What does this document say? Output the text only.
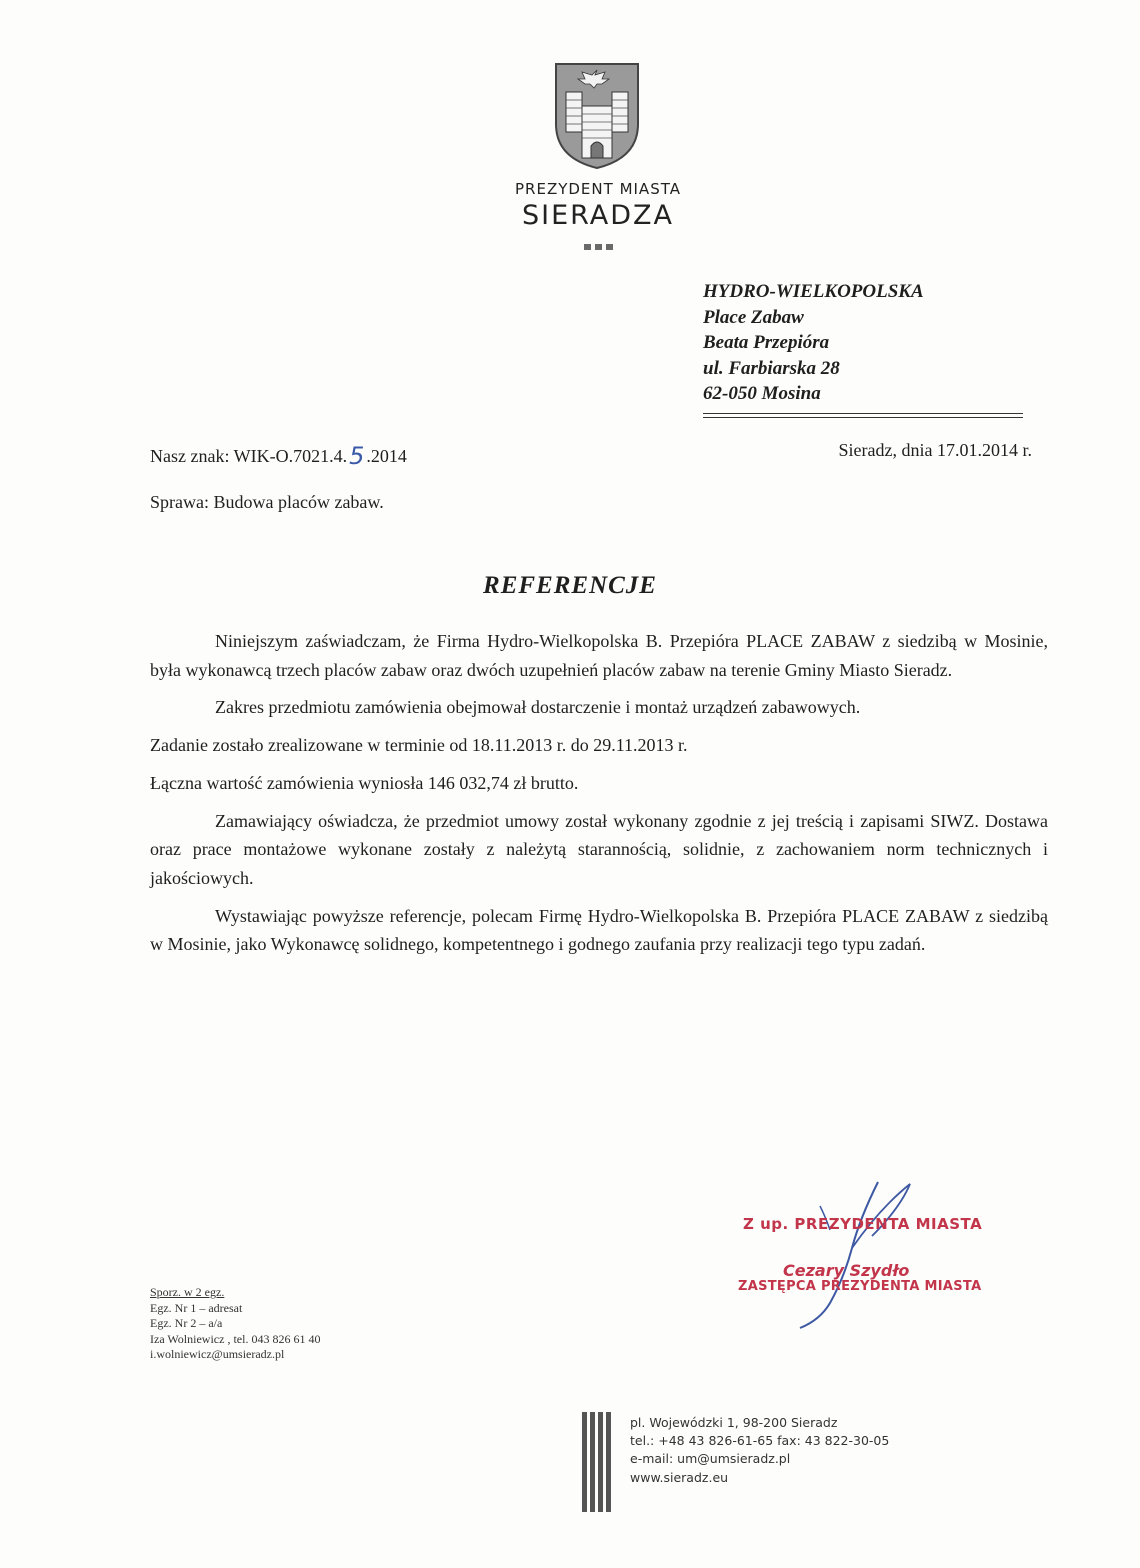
PREZYDENT MIASTA
SIERADZA
HYDRO-WIELKOPOLSKA
Place Zabaw
Beata Przepióra
ul. Farbiarska 28
62-050 Mosina
Nasz znak: WIK-O.7021.4.5 .2014	Sieradz, dnia 17.01.2014 r.
Sprawa: Budowa placów zabaw.
REFERENCJE

Niniejszym zaświadczam, że Firma Hydro-Wielkopolska B. Przepióra PLACE ZABAW z siedzibą w Mosinie, była wykonawcą trzech placów zabaw oraz dwóch uzupełnień placów zabaw na terenie Gminy Miasto Sieradz.

Zakres przedmiotu zamówienia obejmował dostarczenie i montaż urządzeń zabawowych.

Zadanie zostało zrealizowane w terminie od 18.11.2013 r. do 29.11.2013 r.

Łączna wartość zamówienia wyniosła 146 032,74 zł brutto.

Zamawiający oświadcza, że przedmiot umowy został wykonany zgodnie z jej treścią i zapisami SIWZ. Dostawa oraz prace montażowe wykonane zostały z należytą starannością, solidnie, z zachowaniem norm technicznych i jakościowych.

Wystawiając powyższe referencje, polecam Firmę Hydro-Wielkopolska B. Przepióra PLACE ZABAW z siedzibą w Mosinie, jako Wykonawcę solidnego, kompetentnego i godnego zaufania przy realizacji tego typu zadań.

Z up. PREZYDENTA MIASTA
Cezary Szydło
ZASTĘPCA PREZYDENTA MIASTA
Sporz. w 2 egz.
Egz. Nr 1 – adresat
Egz. Nr 2 – a/a
Iza Wolniewicz , tel. 043 826 61 40
i.wolniewicz@umsieradz.pl
pl. Wojewódzki 1, 98-200 Sieradz
tel.: +48 43 826-61-65 fax: 43 822-30-05
e-mail: um@umsieradz.pl
www.sieradz.eu
